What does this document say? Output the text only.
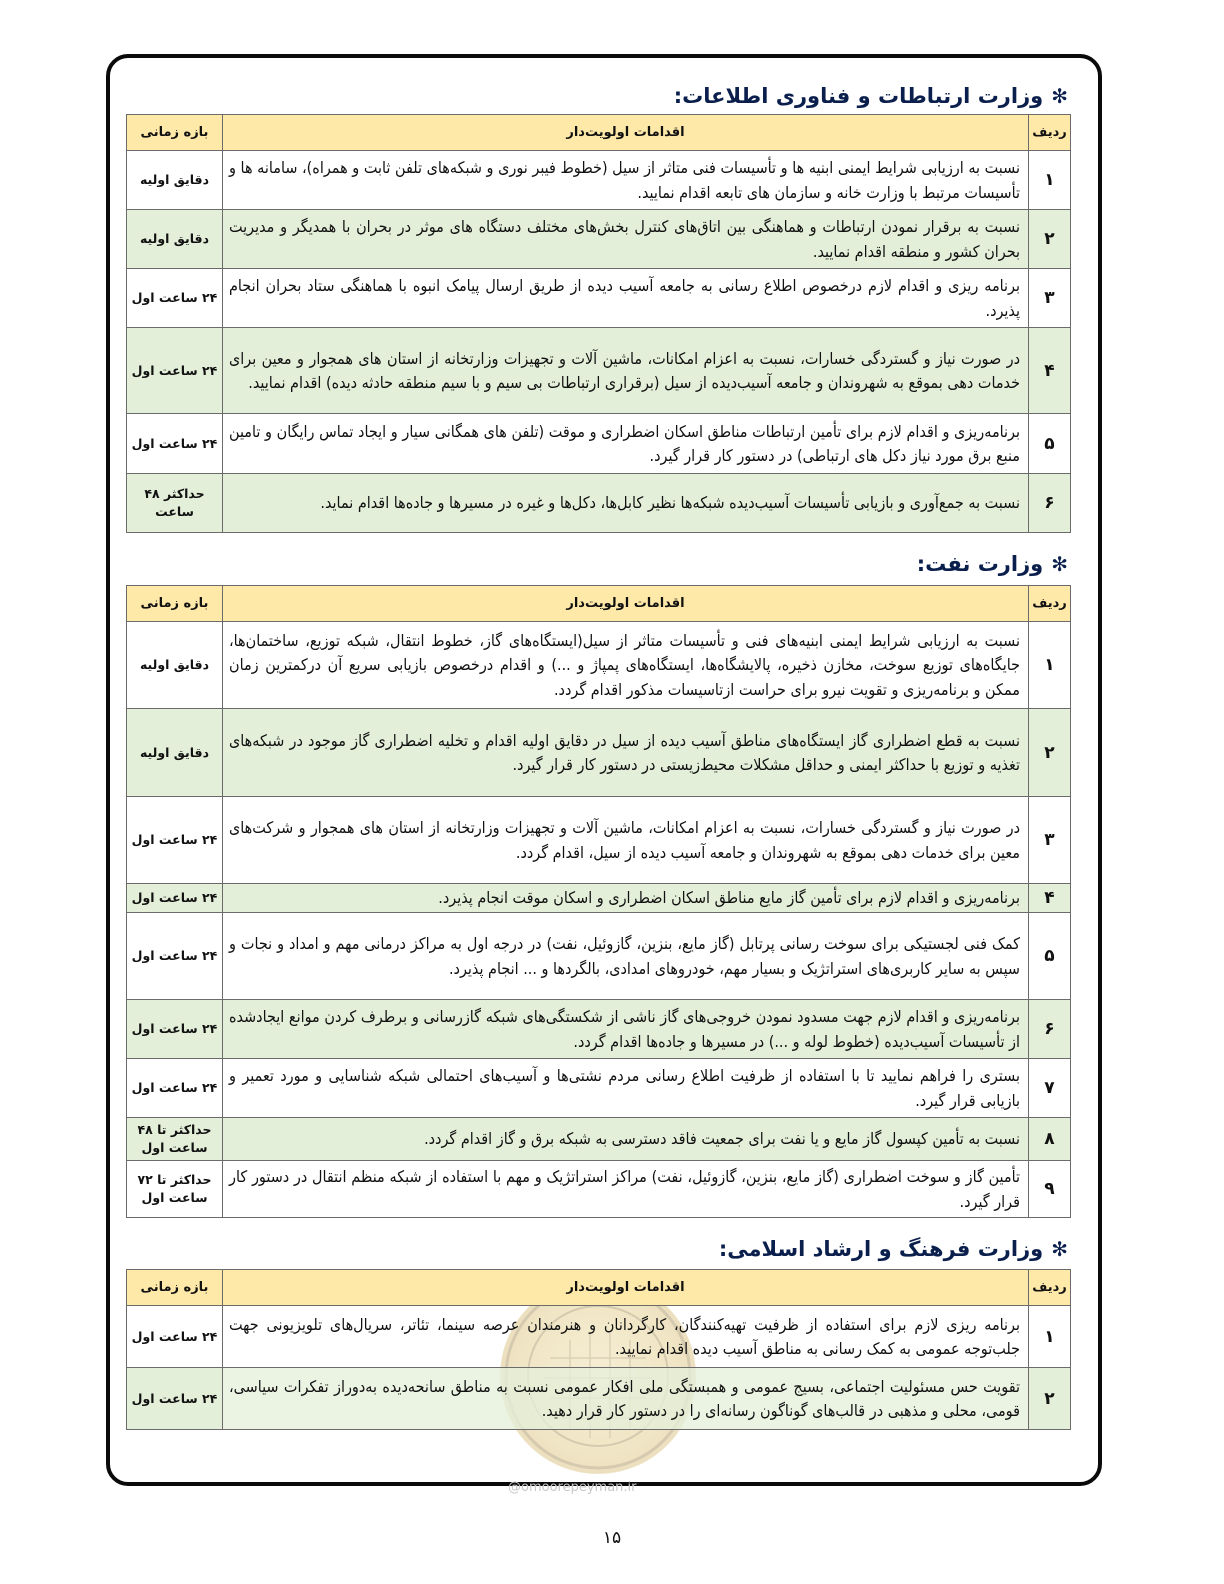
✻وزارت ارتباطات و فناوری اطلاعات:
ردیف	اقدامات اولویت‌دار	بازه زمانی
۱	نسبت به ارزیابی شرایط ایمنی ابنیه ها و تأسیسات فنی متاثر از سیل (خطوط فیبر نوری و شبکه‌های تلفن ثابت و همراه)، سامانه ها و تأسیسات مرتبط با وزارت خانه و سازمان های تابعه اقدام نمایید.	دقایق اولیه
۲	نسبت به برقرار نمودن ارتباطات و هماهنگی بین اتاق‌های کنترل بخش‌های مختلف دستگاه های موثر در بحران با همدیگر و مدیریت بحران کشور و منطقه اقدام نمایید.	دقایق اولیه
۳	برنامه ریزی و اقدام لازم درخصوص اطلاع رسانی به جامعه آسیب دیده از طریق ارسال پیامک انبوه با هماهنگی ستاد بحران انجام پذیرد.	۲۴ ساعت اول
۴	در صورت نیاز و گستردگی خسارات، نسبت به اعزام امکانات، ماشین آلات و تجهیزات وزارتخانه از استان های همجوار و معین برای خدمات دهی بموقع به شهروندان و جامعه آسیب‌دیده از سیل (برقراری ارتباطات بی سیم و با سیم منطقه حادثه دیده) اقدام نمایید.	۲۴ ساعت اول
۵	برنامه‌ریزی و اقدام لازم برای تأمین ارتباطات مناطق اسکان اضطراری و موقت (تلفن های همگانی سیار و ایجاد تماس رایگان و تامین منبع برق مورد نیاز دکل های ارتباطی) در دستور کار قرار گیرد.	۲۴ ساعت اول
۶	نسبت به جمع‌آوری و بازیابی تأسیسات آسیب‌دیده شبکه‌ها نظیر کابل‌ها، دکل‌ها و غیره در مسیرها و جاده‌ها اقدام نماید.	حداکثر ۴۸ ساعت
✻وزارت نفت:
ردیف	اقدامات اولویت‌دار	بازه زمانی
۱	نسبت به ارزیابی شرایط ایمنی ابنیه‌های فنی و تأسیسات متاثر از سیل(ایستگاه‌های گاز، خطوط انتقال، شبکه توزیع، ساختمان‌ها، جایگاه‌های توزیع سوخت، مخازن ذخیره، پالایشگاه‌ها، ایستگاه‌های پمپاژ و ...) و اقدام درخصوص بازیابی سریع آن درکمترین زمان ممکن و برنامه‌ریزی و تقویت نیرو برای حراست ازتاسیسات مذکور اقدام گردد.	دقایق اولیه
۲	نسبت به قطع اضطراری گاز ایستگاه‌های مناطق آسیب دیده از سیل در دقایق اولیه اقدام و تخلیه اضطراری گاز موجود در شبکه‌های تغذیه و توزیع با حداکثر ایمنی و حداقل مشکلات محیط‌زیستی در دستور کار قرار گیرد.	دقایق اولیه
۳	در صورت نیاز و گستردگی خسارات، نسبت به اعزام امکانات، ماشین آلات و تجهیزات وزارتخانه از استان های همجوار و شرکت‌های معین برای خدمات دهی بموقع به شهروندان و جامعه آسیب دیده از سیل، اقدام گردد.	۲۴ ساعت اول
۴	برنامه‌ریزی و اقدام لازم برای تأمین گاز مایع مناطق اسکان اضطراری و اسکان موقت انجام پذیرد.	۲۴ ساعت اول
۵	کمک فنی لجستیکی برای سوخت رسانی پرتابل (گاز مایع، بنزین، گازوئیل، نفت) در درجه اول به مراکز درمانی مهم و امداد و نجات و سپس به سایر کاربری‌های استراتژیک و بسیار مهم، خودروهای امدادی، بالگردها و ... انجام پذیرد.	۲۴ ساعت اول
۶	برنامه‌ریزی و اقدام لازم جهت مسدود نمودن خروجی‌های گاز ناشی از شکستگی‌های شبکه گازرسانی و برطرف کردن موانع ایجادشده از تأسیسات آسیب‌دیده (خطوط لوله و ...) در مسیرها و جاده‌ها اقدام گردد.	۲۴ ساعت اول
۷	بستری را فراهم نمایید تا با استفاده از ظرفیت اطلاع رسانی مردم نشتی‌ها و آسیب‌های احتمالی شبکه شناسایی و مورد تعمیر و بازیابی قرار گیرد.	۲۴ ساعت اول
۸	نسبت به تأمین کپسول گاز مایع و یا نفت برای جمعیت فاقد دسترسی به شبکه برق و گاز اقدام گردد.	حداکثر تا ۴۸ ساعت اول
۹	تأمین گاز و سوخت اضطراری (گاز مایع، بنزین، گازوئیل، نفت) مراکز استراتژیک و مهم با استفاده از شبکه منظم انتقال در دستور کار قرار گیرد.	حداکثر تا ۷۲ ساعت اول
✻وزارت فرهنگ و ارشاد اسلامی:
ردیف	اقدامات اولویت‌دار	بازه زمانی
۱	برنامه ریزی لازم برای استفاده از ظرفیت تهیه‌کنندگان، کارگردانان و هنرمندان عرصه سینما، تئاتر، سریال‌های تلویزیونی جهت جلب‌توجه عمومی به کمک رسانی به مناطق آسیب دیده اقدام نمایید.	۲۴ ساعت اول
۲	تقویت حس مسئولیت اجتماعی، بسیج عمومی و همبستگی ملی افکار عمومی نسبت به مناطق سانحه‌دیده به‌دوراز تفکرات سیاسی، قومی، محلی و مذهبی در قالب‌های گوناگون رسانه‌ای را در دستور کار قرار دهید.	۲۴ ساعت اول
@omoorepeyman.ir
۱۵
